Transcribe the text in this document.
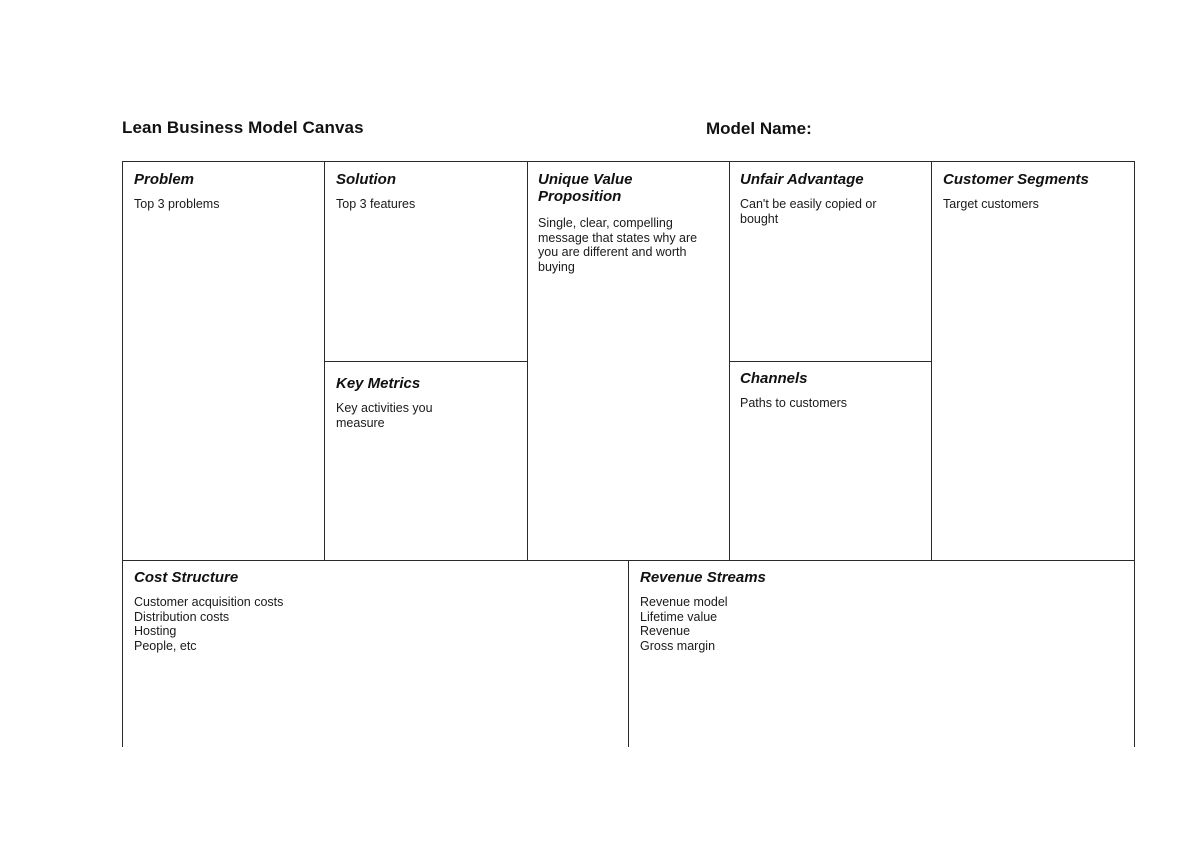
Lean Business Model Canvas	Model Name:

Problem

Top 3 problems

Solution

Top 3 features

Unique Value Proposition

Single, clear, compelling message that states why are you are different and worth buying

Unfair Advantage

Can't be easily copied or bought

Customer Segments

Target customers

Key Metrics

Key activities you measure

Channels

Paths to customers

Cost Structure

Customer acquisition costs
Distribution costs
Hosting
People, etc

Revenue Streams

Revenue model
Lifetime value
Revenue
Gross margin
